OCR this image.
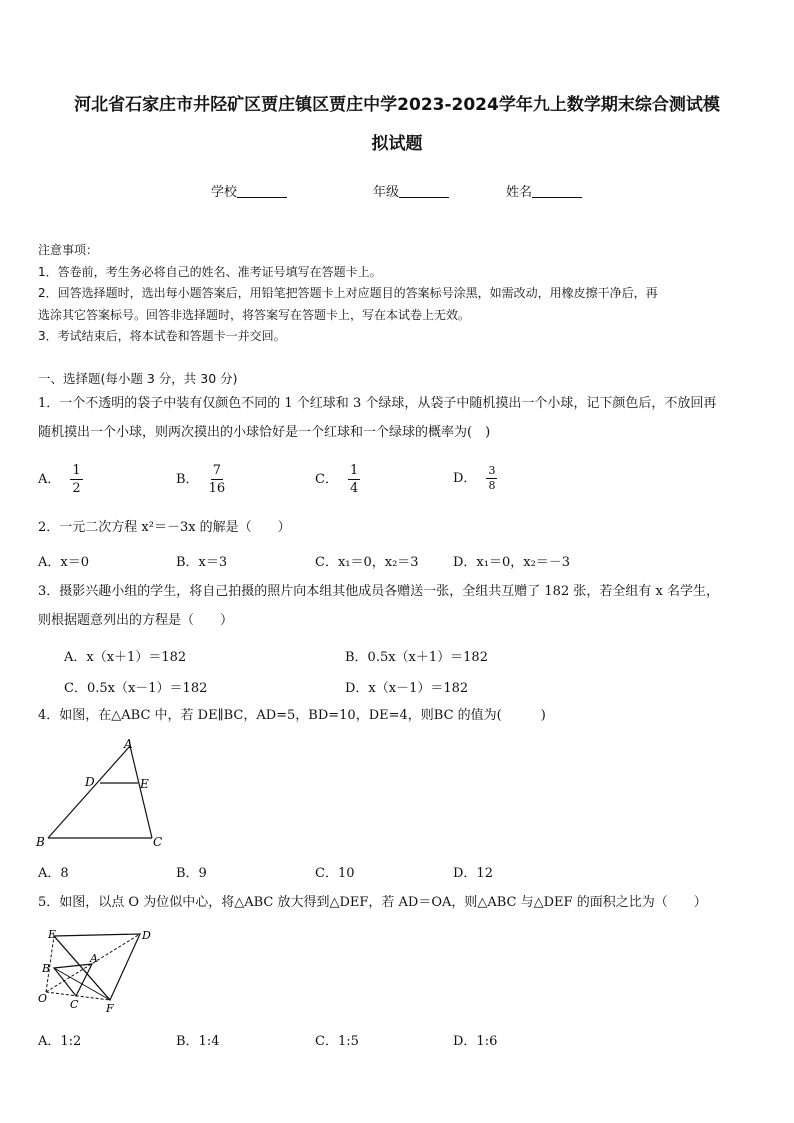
河北省石家庄市井陉矿区贾庄镇区贾庄中学2023-2024学年九上数学期末综合测试模
拟试题
学校	年级	姓名
注意事项：
1．答卷前，考生务必将自己的姓名、准考证号填写在答题卡上。
2．回答选择题时，选出每小题答案后，用铅笔把答题卡上对应题目的答案标号涂黑，如需改动，用橡皮擦干净后，再
选涂其它答案标号。回答非选择题时，将答案写在答题卡上，写在本试卷上无效。
3．考试结束后，将本试卷和答题卡一并交回。
一、选择题(每小题 3 分，共 30 分)
1．一个不透明的袋子中装有仅颜色不同的 1 个红球和 3 个绿球，从袋子中随机摸出一个小球，记下颜色后，不放回再
随机摸出一个小球，则两次摸出的小球恰好是一个红球和一个绿球的概率为(　)
A． $\frac{1}{2}$	B． $\frac{7}{16}$	C． $\frac{1}{4}$	D． $\frac{3}{8}$
2．一元二次方程 x²＝－3x 的解是（　　）
A．x＝0	B．x＝3	C．x₁＝0，x₂＝3	D．x₁＝0，x₂＝－3
3．摄影兴趣小组的学生，将自己拍摄的照片向本组其他成员各赠送一张，全组共互赠了 182 张，若全组有 x 名学生，
则根据题意列出的方程是（　　）
A．x（x＋1）＝182	B．0.5x（x＋1）＝182
C．0.5x（x－1）＝182	D．x（x－1）＝182
4．如图，在△ABC 中，若 DE∥BC，AD=5，BD=10，DE=4，则BC 的值为(　　　)
A
D	E
B	C
A．8	B．9	C．10	D．12
5．如图，以点 O 为位似中心，将△ABC 放大得到△DEF，若 AD＝OA，则△ABC 与△DEF 的面积之比为（　　）
E	D
B
A
O C	F
A．1:2	B．1:4	C．1:5	D．1:6
